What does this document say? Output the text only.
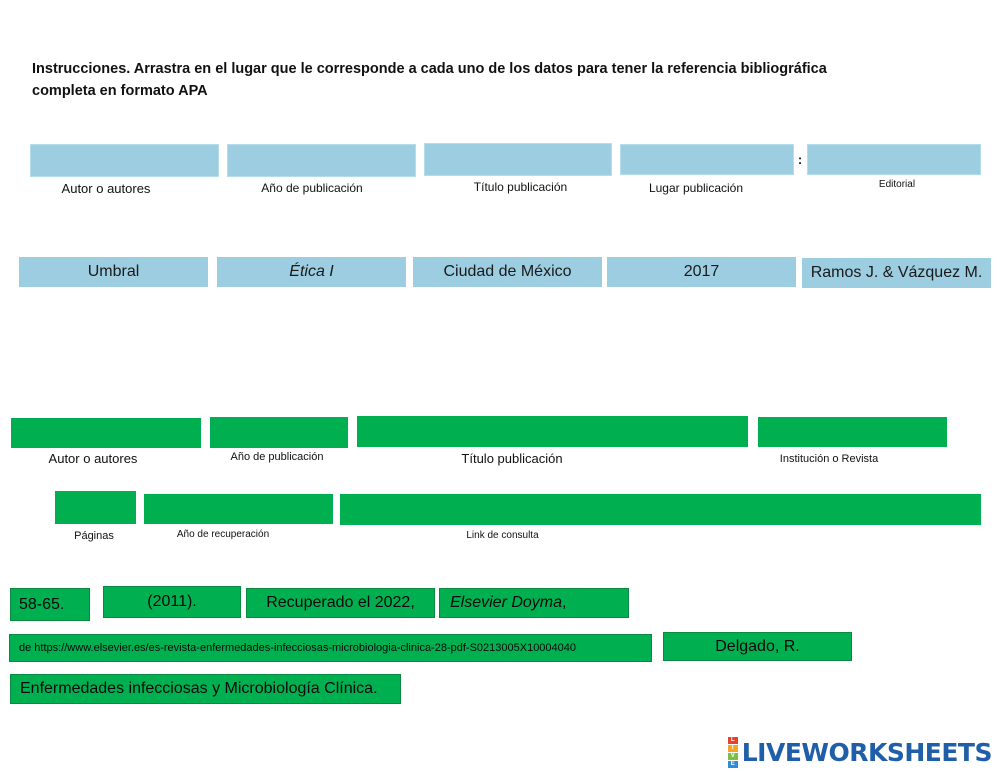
Instrucciones. Arrastra en el lugar que le corresponde a cada uno de los datos para tener la referencia bibliográfica
completa en formato APA
:
Autor o autores	Año de publicación	Título publicación	Lugar publicación	Editorial
Umbral	Ética I	Ciudad de México	2017	Ramos J. & Vázquez M.
Autor o autores	Año de publicación	Título publicación	Institución o Revista
Páginas	Año de recuperación	Link de consulta
58-65.	(2011).	Recuperado el 2022,	Elsevier Doyma ,
de https://www.elsevier.es/es-revista-enfermedades-infecciosas-microbiologia-clinica-28-pdf-S0213005X10004040	Delgado, R.
Enfermedades infecciosas y Microbiología Clínica .
L
I
V
E LIVEWORKSHEETS
